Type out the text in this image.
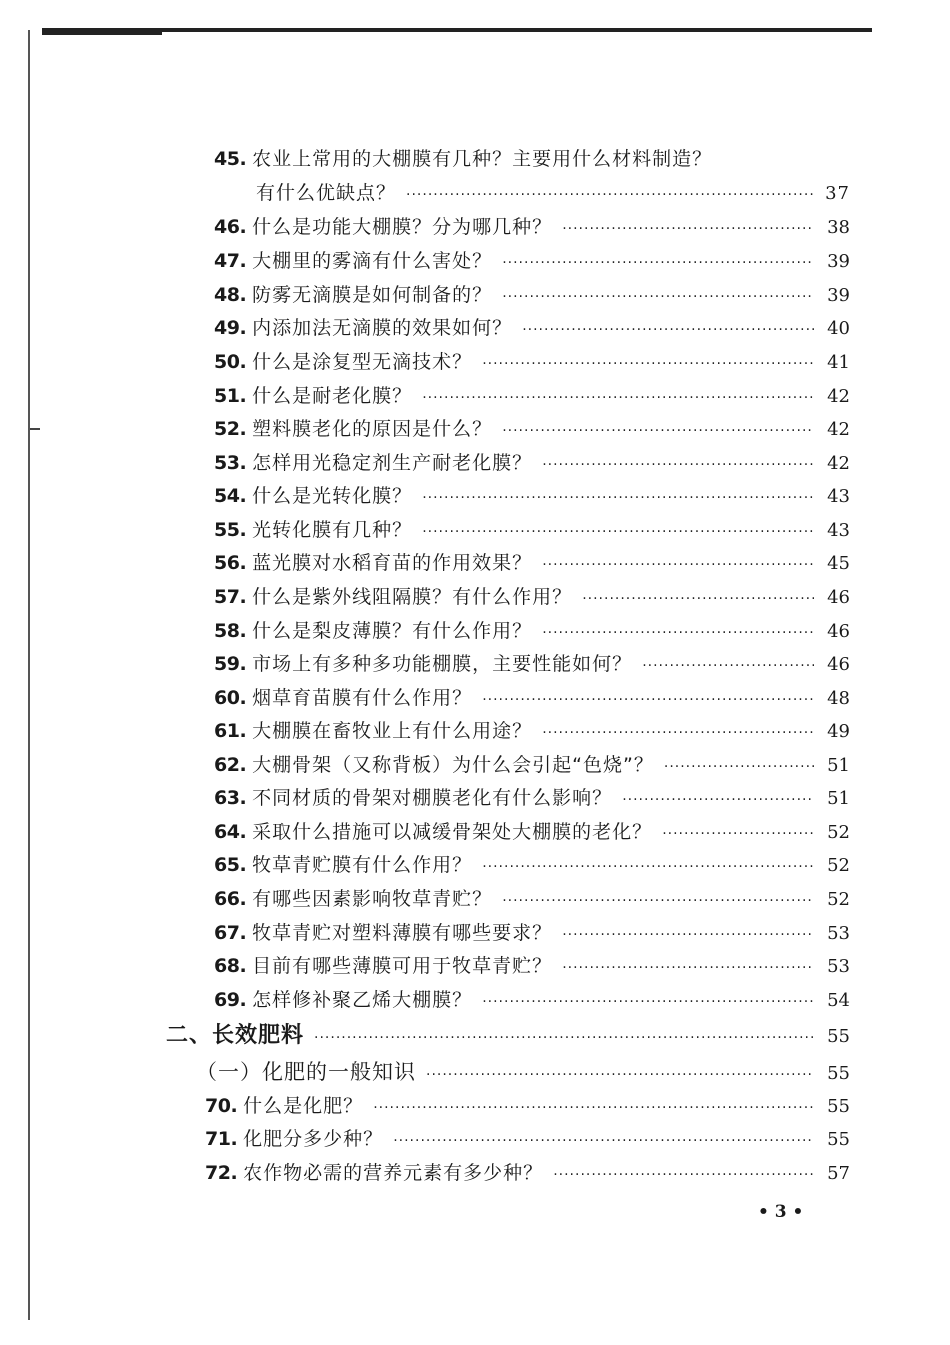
45. 农业上常用的大棚膜有几种？主要用什么材料制造？
有什么优缺点？ ·····	37
46. 什么是功能大棚膜？分为哪几种？ ·····	38
47. 大棚里的雾滴有什么害处？ ·····	39
48. 防雾无滴膜是如何制备的？ ·····	39
49. 内添加法无滴膜的效果如何？ ·····	40
50. 什么是涂复型无滴技术？ ·····	41
51. 什么是耐老化膜？ ·····	42
52. 塑料膜老化的原因是什么？ ·····	42
53. 怎样用光稳定剂生产耐老化膜？ ·····	42
54. 什么是光转化膜？ ·····	43
55. 光转化膜有几种？ ·····	43
56. 蓝光膜对水稻育苗的作用效果？ ·····	45
57. 什么是紫外线阻隔膜？有什么作用？ ·····	46
58. 什么是梨皮薄膜？有什么作用？ ·····	46
59. 市场上有多种多功能棚膜，主要性能如何？ ·····	46
60. 烟草育苗膜有什么作用？ ·····	48
61. 大棚膜在畜牧业上有什么用途？ ·····	49
62. 大棚骨架（又称背板）为什么会引起“色烧”？ ·····	51
63. 不同材质的骨架对棚膜老化有什么影响？ ·····	51
64. 采取什么措施可以减缓骨架处大棚膜的老化？ ·····	52
65. 牧草青贮膜有什么作用？ ·····	52
66. 有哪些因素影响牧草青贮？ ·····	52
67. 牧草青贮对塑料薄膜有哪些要求？ ·····	53
68. 目前有哪些薄膜可用于牧草青贮？ ·····	53
69. 怎样修补聚乙烯大棚膜？ ·····	54
二、长效肥料 ·····	55
（一）化肥的一般知识 ·····	55
70. 什么是化肥？ ·····	55
71. 化肥分多少种？ ·····	55
72. 农作物必需的营养元素有多少种？ ·····	57
• 3 •
